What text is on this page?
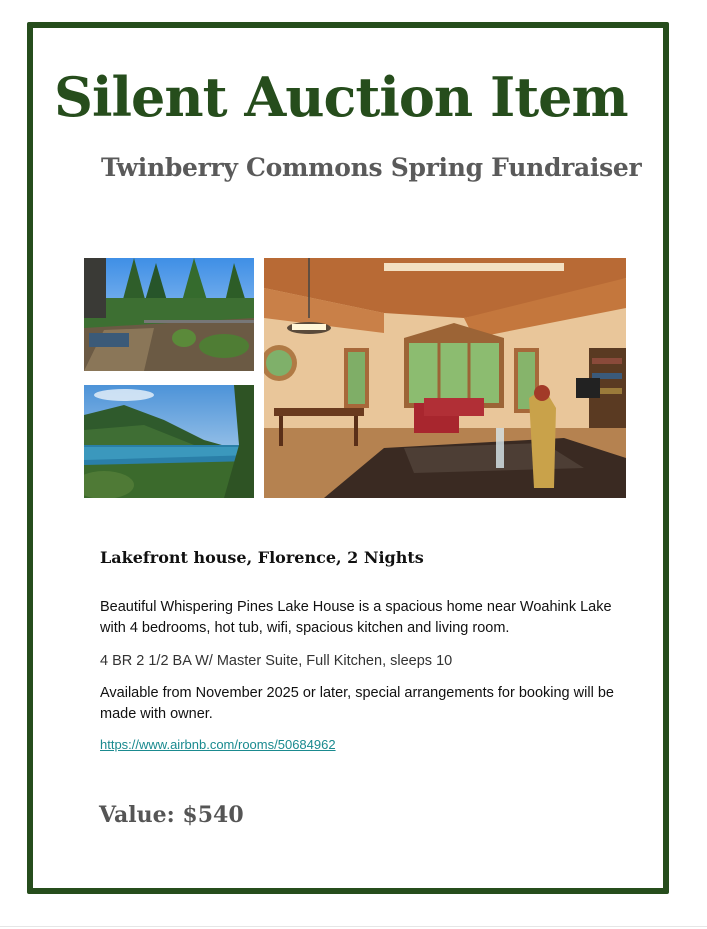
Silent Auction Item
Twinberry Commons Spring Fundraiser
Lakefront house, Florence, 2 Nights

Beautiful Whispering Pines Lake House is a spacious home near Woahink Lake with 4 bedrooms, hot tub, wifi, spacious kitchen and living room.

4 BR 2 1/2 BA W/ Master Suite, Full Kitchen, sleeps 10

Available from November 2025 or later, special arrangements for booking will be made with owner.

https://www.airbnb.com/rooms/50684962
Value: $540
